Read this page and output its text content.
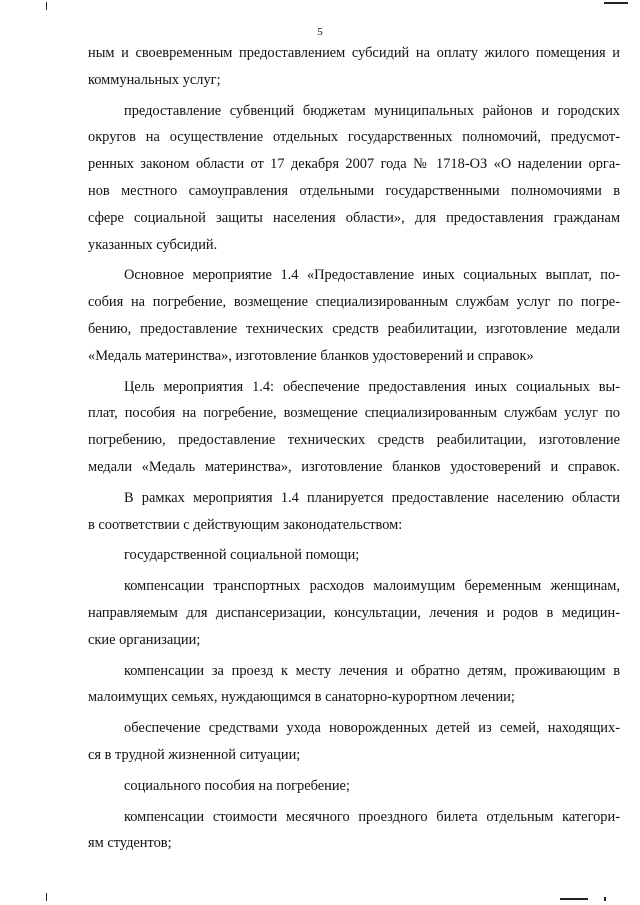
5
ным и своевременным предоставлением субсидий на оплату жилого помещения и
коммунальных услуг;
предоставление субвенций бюджетам муниципальных районов и городских
округов на осуществление отдельных государственных полномочий, предусмот-
ренных законом области от 17 декабря 2007 года № 1718-ОЗ «О наделении орга-
нов местного самоуправления отдельными государственными полномочиями в
сфере социальной защиты населения области», для предоставления гражданам
указанных субсидий.
Основное мероприятие 1.4 «Предоставление иных социальных выплат, по-
собия на погребение, возмещение специализированным службам услуг по погре-
бению, предоставление технических средств реабилитации, изготовление медали
«Медаль материнства», изготовление бланков удостоверений и справок»
Цель мероприятия 1.4: обеспечение предоставления иных социальных вы-
плат, пособия на погребение, возмещение специализированным службам услуг по
погребению, предоставление технических средств реабилитации, изготовление
медали «Медаль материнства», изготовление бланков удостоверений и справок.
В рамках мероприятия 1.4 планируется предоставление населению области
в соответствии с действующим законодательством:
государственной социальной помощи;
компенсации транспортных расходов малоимущим беременным женщинам,
направляемым для диспансеризации, консультации, лечения и родов в медицин-
ские организации;
компенсации за проезд к месту лечения и обратно детям, проживающим в
малоимущих семьях, нуждающимся в санаторно-курортном лечении;
обеспечение средствами ухода новорожденных детей из семей, находящих-
ся в трудной жизненной ситуации;
социального пособия на погребение;
компенсации стоимости месячного проездного билета отдельным категори-
ям студентов;
